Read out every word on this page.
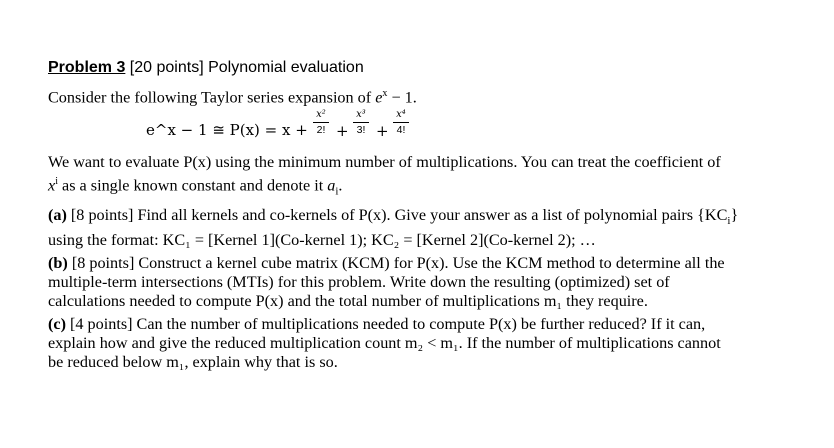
Problem 3 [20 points] Polynomial evaluation

Consider the following Taylor series expansion of $e^x - 1$.

e^x − 1 ≅ P(x) = x +
x²
2! +
x³
3! +
x⁴
4!

We want to evaluate P(x) using the minimum number of multiplications. You can treat the coefficient of

$x^i$ as a single known constant and denote it $a_i$.

(a) [8 points] Find all kernels and co-kernels of P(x). Give your answer as a list of polynomial pairs $\{KC_i\}$

using the format: KC₁ = [Kernel 1](Co-kernel 1); KC₂ = [Kernel 2](Co-kernel 2); …

(b) [8 points] Construct a kernel cube matrix (KCM) for P(x). Use the KCM method to determine all the

multiple-term intersections (MTIs) for this problem. Write down the resulting (optimized) set of

calculations needed to compute P(x) and the total number of multiplications m₁ they require.

(c) [4 points] Can the number of multiplications needed to compute P(x) be further reduced? If it can,

explain how and give the reduced multiplication count m₂ < m₁. If the number of multiplications cannot

be reduced below m₁, explain why that is so.
